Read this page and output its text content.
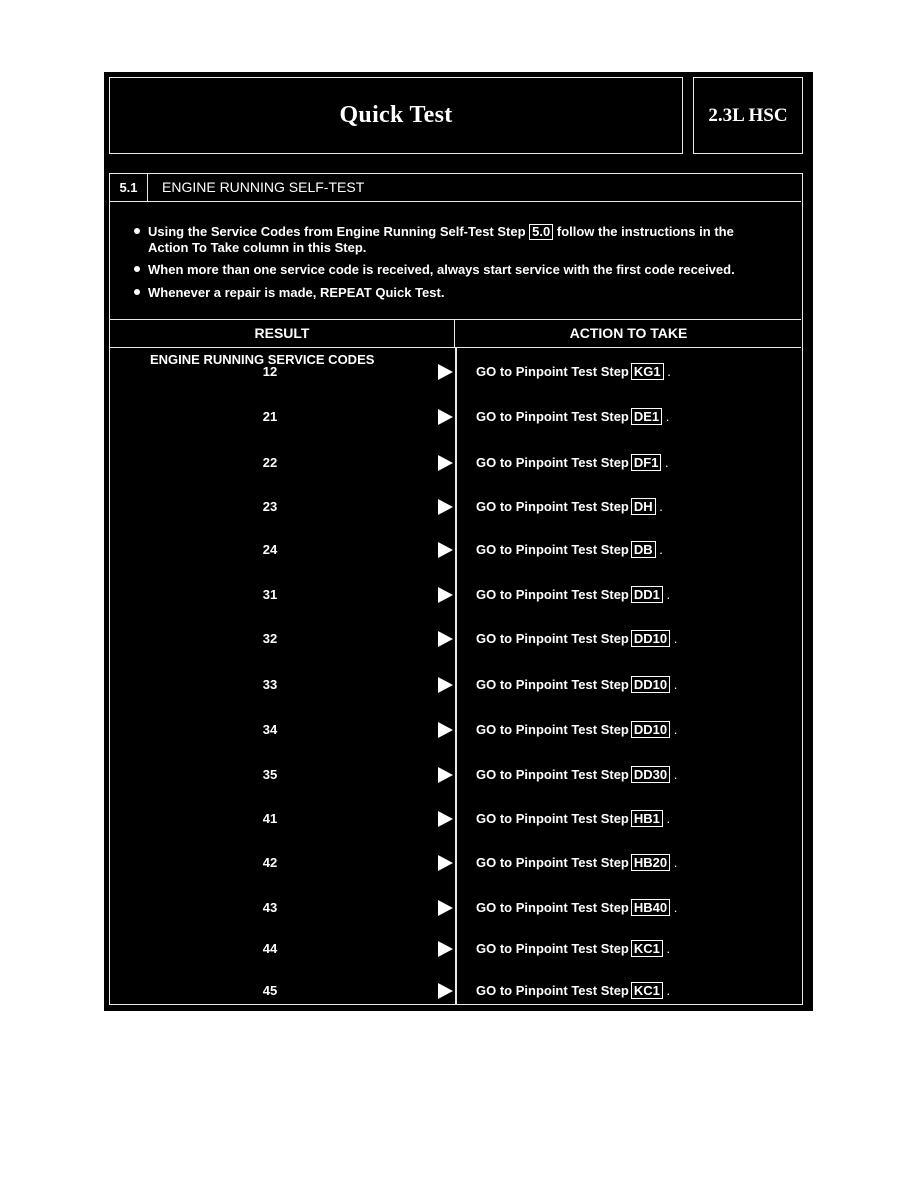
Quick Test	2.3L HSC
5.1	ENGINE RUNNING SELF-TEST
Using the Service Codes from Engine Running Self-Test Step 5.0 follow the instructions in the
Action To Take column in this Step.
When more than one service code is received, always start service with the first code received.
Whenever a repair is made, REPEAT Quick Test.
RESULT	ACTION TO TAKE
ENGINE RUNNING SERVICE CODES
12	GO to Pinpoint Test Step KG1 .
21	GO to Pinpoint Test Step DE1 .
22	GO to Pinpoint Test Step DF1 .
23	GO to Pinpoint Test Step DH .
24	GO to Pinpoint Test Step DB .
31	GO to Pinpoint Test Step DD1 .
32	GO to Pinpoint Test Step DD10 .
33	GO to Pinpoint Test Step DD10 .
34	GO to Pinpoint Test Step DD10 .
35	GO to Pinpoint Test Step DD30 .
41	GO to Pinpoint Test Step HB1 .
42	GO to Pinpoint Test Step HB20 .
43	GO to Pinpoint Test Step HB40 .
44	GO to Pinpoint Test Step KC1 .
45	GO to Pinpoint Test Step KC1 .
